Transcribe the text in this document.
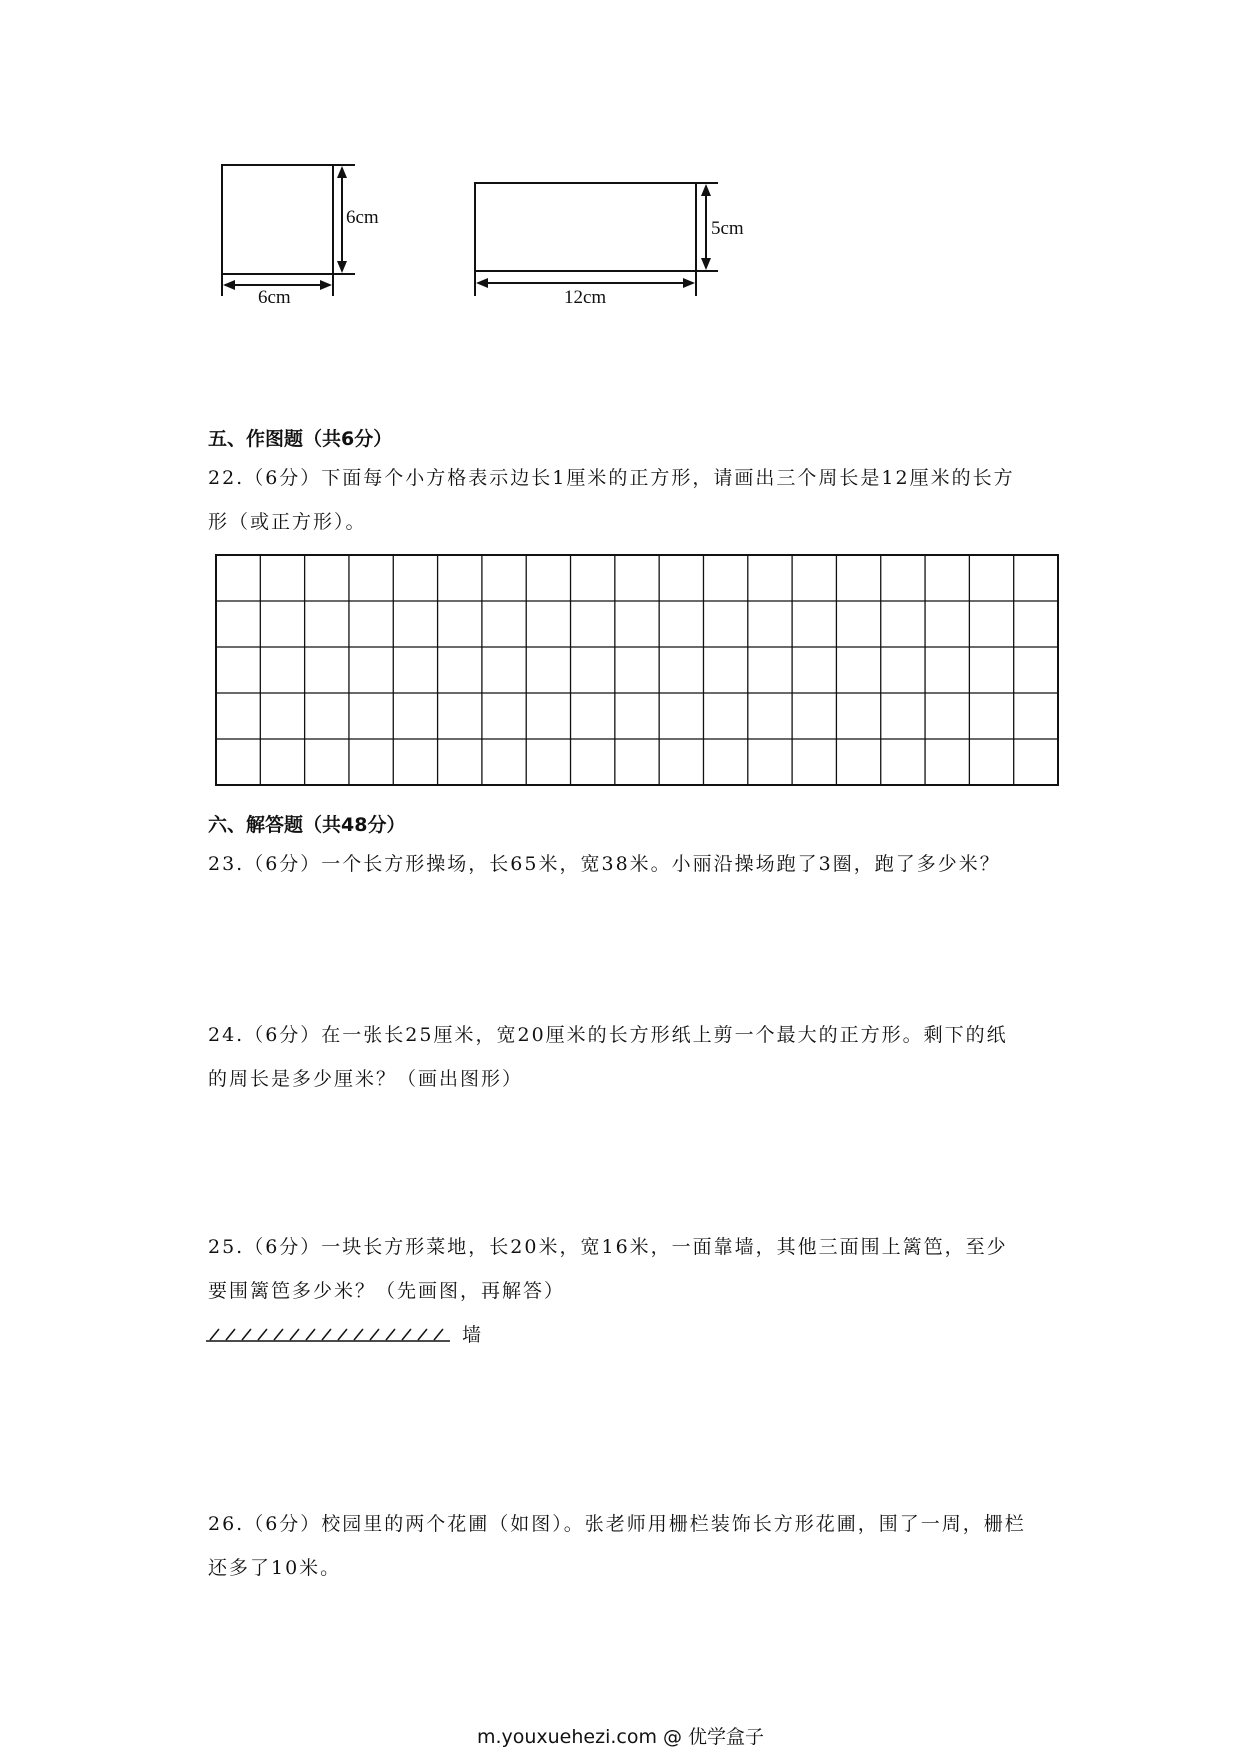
6cm
6cm
5cm
12cm
五、作图题（共6分）
22.（6分）下面每个小方格表示边长1厘米的正方形，请画出三个周长是12厘米的长方
形（或正方形）。
六、解答题（共48分）
23.（6分）一个长方形操场，长65米，宽38米。小丽沿操场跑了3圈，跑了多少米？
24.（6分）在一张长25厘米，宽20厘米的长方形纸上剪一个最大的正方形。剩下的纸
的周长是多少厘米？（画出图形）
25.（6分）一块长方形菜地，长20米，宽16米，一面靠墙，其他三面围上篱笆，至少
要围篱笆多少米？（先画图，再解答）
墙
26.（6分）校园里的两个花圃（如图）。张老师用栅栏装饰长方形花圃，围了一周，栅栏
还多了10米。
m.youxuehezi.com @ 优学盒子
